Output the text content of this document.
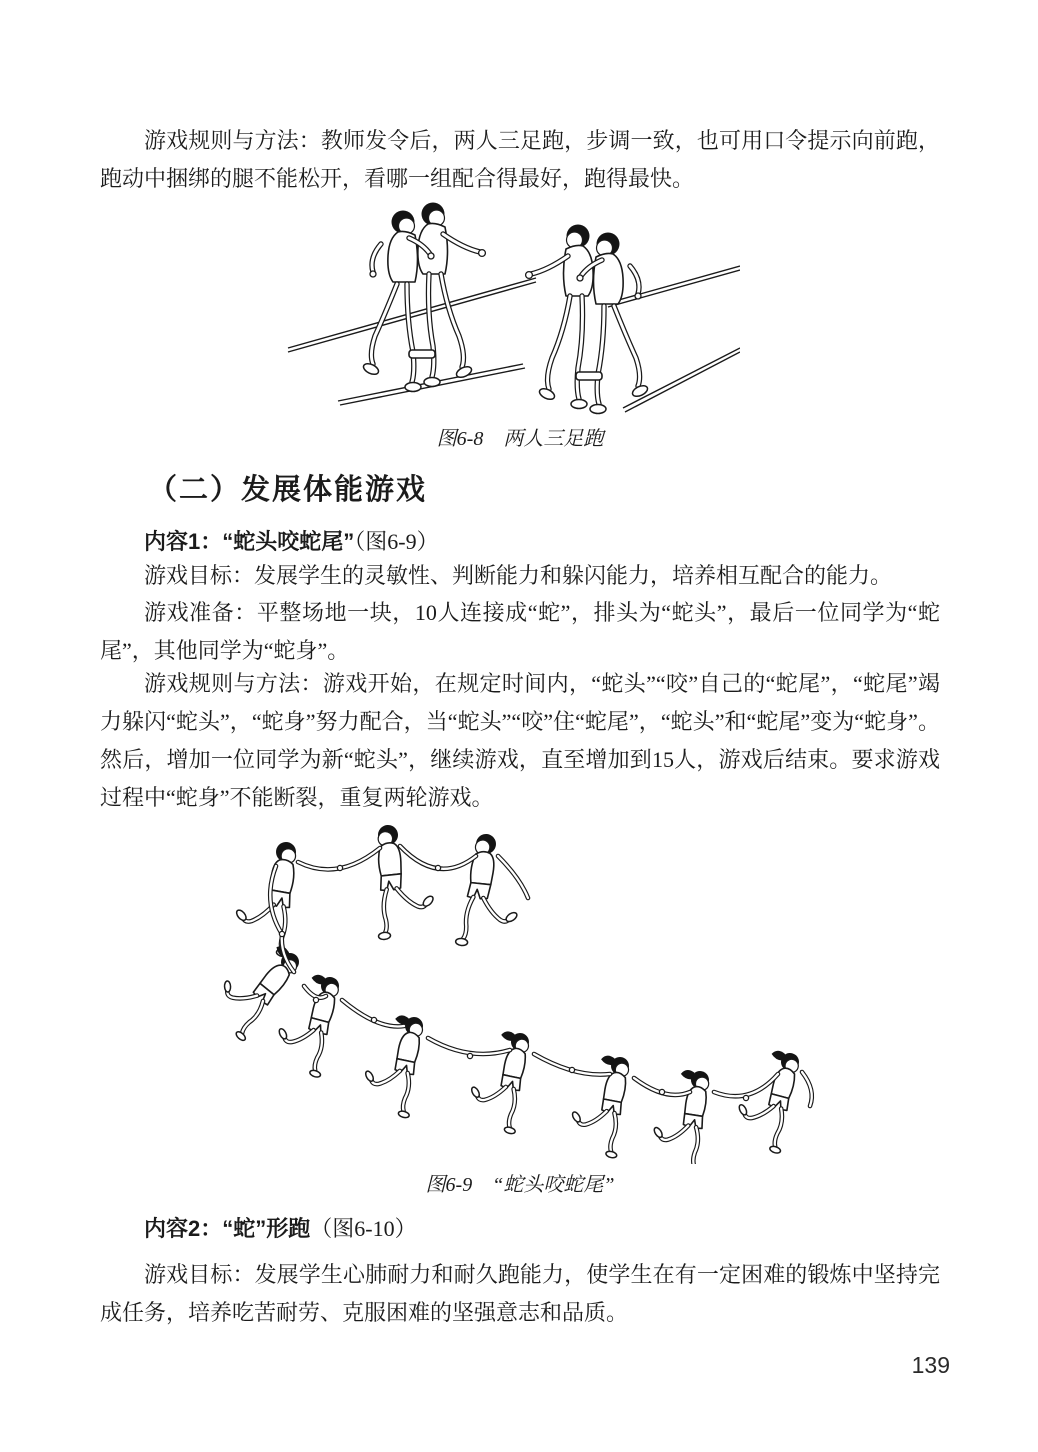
游戏规则与方法：教师发令后，两人三足跑，步调一致，也可用口令提示向前跑，跑动中捆绑的腿不能松开，看哪一组配合得最好，跑得最快。

图6-8　两人三足跑

（二）发展体能游戏

内容1：“蛇头咬蛇尾”（图6-9）

游戏目标：发展学生的灵敏性、判断能力和躲闪能力，培养相互配合的能力。

游戏准备：平整场地一块，10人连接成“蛇”，排头为“蛇头”，最后一位同学为“蛇尾”，其他同学为“蛇身”。

游戏规则与方法：游戏开始，在规定时间内，“蛇头”“咬”自己的“蛇尾”，“蛇尾”竭力躲闪“蛇头”，“蛇身”努力配合，当“蛇头”“咬”住“蛇尾”，“蛇头”和“蛇尾”变为“蛇身”。然后，增加一位同学为新“蛇头”，继续游戏，直至增加到15人，游戏后结束。要求游戏过程中“蛇身”不能断裂，重复两轮游戏。

图6-9　“蛇头咬蛇尾”

内容2：“蛇”形跑（图6-10）

游戏目标：发展学生心肺耐力和耐久跑能力，使学生在有一定困难的锻炼中坚持完成任务，培养吃苦耐劳、克服困难的坚强意志和品质。

139
